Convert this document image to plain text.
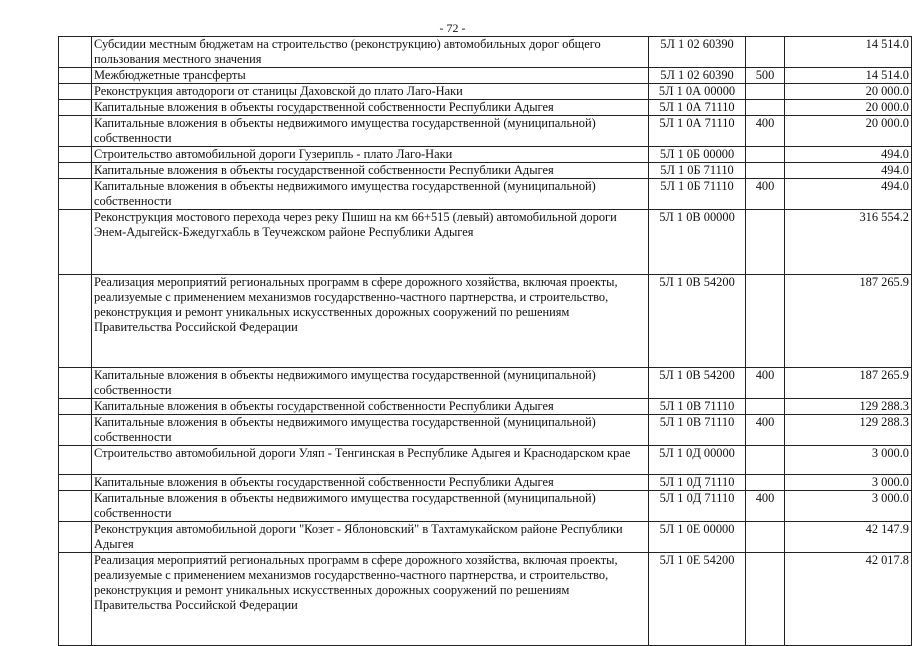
- 72 -
	Субсидии местным бюджетам на строительство (реконструкцию) автомобильных дорог общего пользования местного значения	5Л 1 02 60390		14 514.0
	Межбюджетные трансферты	5Л 1 02 60390	500	14 514.0
	Реконструкция автодороги от станицы Даховской до плато Лаго-Наки	5Л 1 0А 00000		20 000.0
	Капитальные вложения в объекты государственной собственности Республики Адыгея	5Л 1 0А 71110		20 000.0
	Капитальные вложения в объекты недвижимого имущества государственной (муниципальной) собственности	5Л 1 0А 71110	400	20 000.0
	Строительство автомобильной дороги Гузерипль - плато Лаго-Наки	5Л 1 0Б 00000		494.0
	Капитальные вложения в объекты государственной собственности Республики Адыгея	5Л 1 0Б 71110		494.0
	Капитальные вложения в объекты недвижимого имущества государственной (муниципальной) собственности	5Л 1 0Б 71110	400	494.0
	Реконструкция мостового перехода через реку Пшиш на км 66+515 (левый) автомобильной дороги Энем-Адыгейск-Бжедугхабль в Теучежском районе Республики Адыгея	5Л 1 0В 00000		316 554.2
	Реализация мероприятий региональных программ в сфере дорожного хозяйства, включая проекты, реализуемые с применением механизмов государственно-частного партнерства, и строительство, реконструкция и ремонт уникальных искусственных дорожных сооружений по решениям Правительства Российской Федерации	5Л 1 0В 54200		187 265.9
	Капитальные вложения в объекты недвижимого имущества государственной (муниципальной) собственности	5Л 1 0В 54200	400	187 265.9
	Капитальные вложения в объекты государственной собственности Республики Адыгея	5Л 1 0В 71110		129 288.3
	Капитальные вложения в объекты недвижимого имущества государственной (муниципальной) собственности	5Л 1 0В 71110	400	129 288.3
	Строительство автомобильной дороги Уляп - Тенгинская в Республике Адыгея и Краснодарском крае	5Л 1 0Д 00000		3 000.0
	Капитальные вложения в объекты государственной собственности Республики Адыгея	5Л 1 0Д 71110		3 000.0
	Капитальные вложения в объекты недвижимого имущества государственной (муниципальной) собственности	5Л 1 0Д 71110	400	3 000.0
	Реконструкция автомобильной дороги "Козет - Яблоновский" в Тахтамукайском районе Республики Адыгея	5Л 1 0Е 00000		42 147.9
	Реализация мероприятий региональных программ в сфере дорожного хозяйства, включая проекты, реализуемые с применением механизмов государственно-частного партнерства, и строительство, реконструкция и ремонт уникальных искусственных дорожных сооружений по решениям Правительства Российской Федерации	5Л 1 0Е 54200		42 017.8
